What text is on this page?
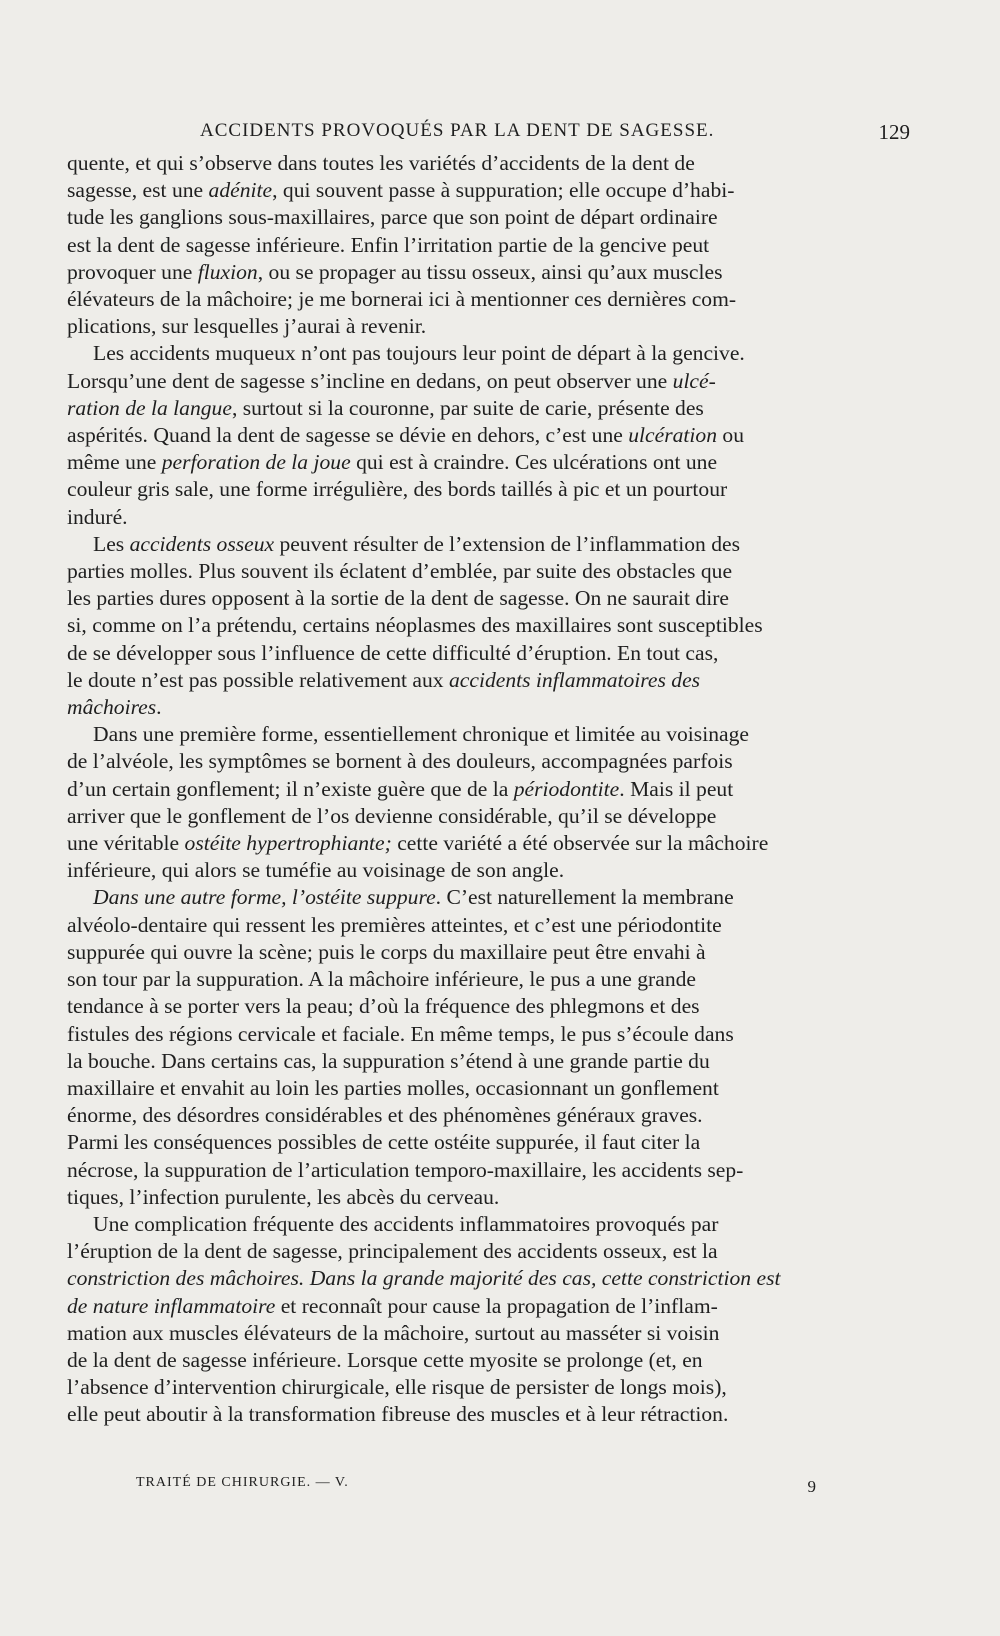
ACCIDENTS PROVOQUÉS PAR LA DENT DE SAGESSE.	129
quente, et qui s’observe dans toutes les variétés d’accidents de la dent de
sagesse, est une adénite, qui souvent passe à suppuration; elle occupe d’habi-
tude les ganglions sous-maxillaires, parce que son point de départ ordinaire
est la dent de sagesse inférieure. Enfin l’irritation partie de la gencive peut
provoquer une fluxion, ou se propager au tissu osseux, ainsi qu’aux muscles
élévateurs de la mâchoire; je me bornerai ici à mentionner ces dernières com-
plications, sur lesquelles j’aurai à revenir.
Les accidents muqueux n’ont pas toujours leur point de départ à la gencive.
Lorsqu’une dent de sagesse s’incline en dedans, on peut observer une ulcé-
ration de la langue, surtout si la couronne, par suite de carie, présente des
aspérités. Quand la dent de sagesse se dévie en dehors, c’est une ulcération ou
même une perforation de la joue qui est à craindre. Ces ulcérations ont une
couleur gris sale, une forme irrégulière, des bords taillés à pic et un pourtour
induré.
Les accidents osseux peuvent résulter de l’extension de l’inflammation des
parties molles. Plus souvent ils éclatent d’emblée, par suite des obstacles que
les parties dures opposent à la sortie de la dent de sagesse. On ne saurait dire
si, comme on l’a prétendu, certains néoplasmes des maxillaires sont susceptibles
de se développer sous l’influence de cette difficulté d’éruption. En tout cas,
le doute n’est pas possible relativement aux accidents inflammatoires des
mâchoires.
Dans une première forme, essentiellement chronique et limitée au voisinage
de l’alvéole, les symptômes se bornent à des douleurs, accompagnées parfois
d’un certain gonflement; il n’existe guère que de la périodontite. Mais il peut
arriver que le gonflement de l’os devienne considérable, qu’il se développe
une véritable ostéite hypertrophiante; cette variété a été observée sur la mâchoire
inférieure, qui alors se tuméfie au voisinage de son angle.
Dans une autre forme, l’ostéite suppure. C’est naturellement la membrane
alvéolo-dentaire qui ressent les premières atteintes, et c’est une périodontite
suppurée qui ouvre la scène; puis le corps du maxillaire peut être envahi à
son tour par la suppuration. A la mâchoire inférieure, le pus a une grande
tendance à se porter vers la peau; d’où la fréquence des phlegmons et des
fistules des régions cervicale et faciale. En même temps, le pus s’écoule dans
la bouche. Dans certains cas, la suppuration s’étend à une grande partie du
maxillaire et envahit au loin les parties molles, occasionnant un gonflement
énorme, des désordres considérables et des phénomènes généraux graves.
Parmi les conséquences possibles de cette ostéite suppurée, il faut citer la
nécrose, la suppuration de l’articulation temporo-maxillaire, les accidents sep-
tiques, l’infection purulente, les abcès du cerveau.
Une complication fréquente des accidents inflammatoires provoqués par
l’éruption de la dent de sagesse, principalement des accidents osseux, est la
constriction des mâchoires. Dans la grande majorité des cas, cette constriction est
de nature inflammatoire et reconnaît pour cause la propagation de l’inflam-
mation aux muscles élévateurs de la mâchoire, surtout au masséter si voisin
de la dent de sagesse inférieure. Lorsque cette myosite se prolonge (et, en
l’absence d’intervention chirurgicale, elle risque de persister de longs mois),
elle peut aboutir à la transformation fibreuse des muscles et à leur rétraction.
TRAITÉ DE CHIRURGIE. — V.	9
